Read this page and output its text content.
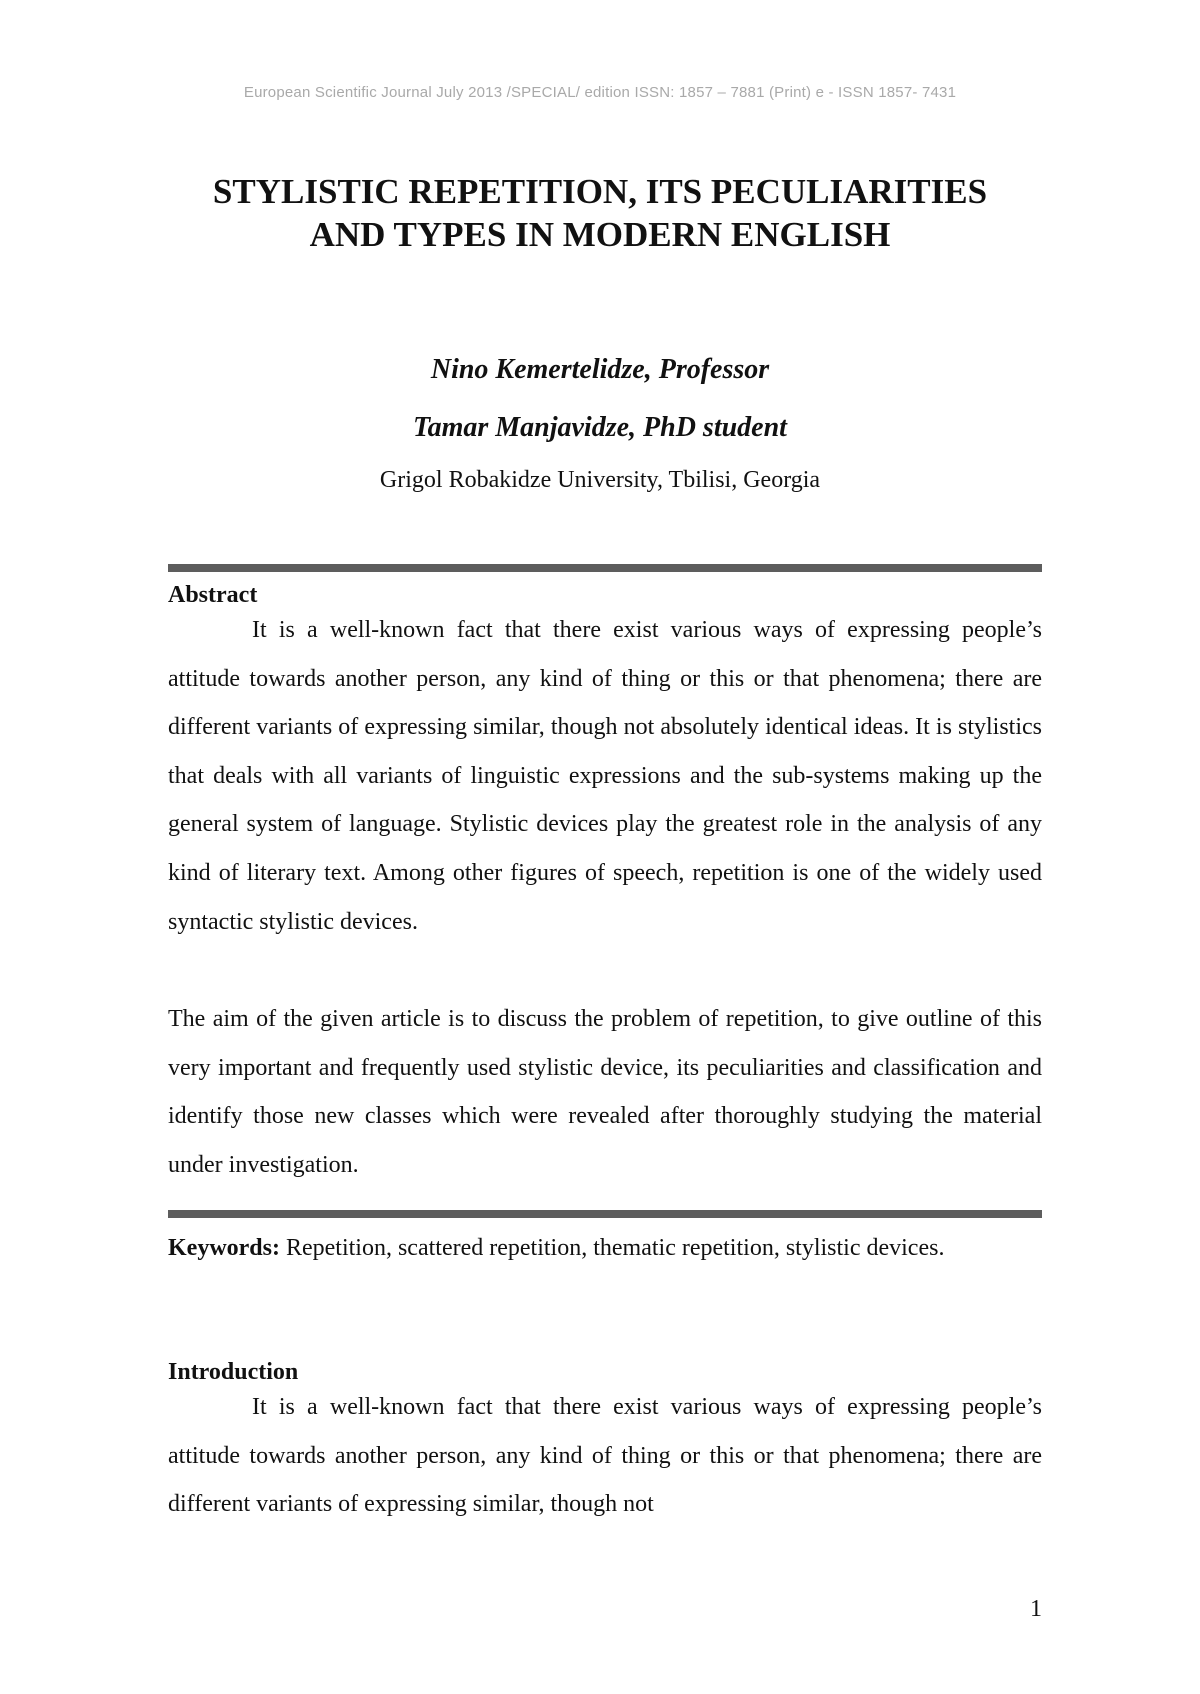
European Scientific Journal July 2013 /SPECIAL/ edition ISSN: 1857 – 7881 (Print) e - ISSN 1857- 7431
STYLISTIC REPETITION, ITS PECULIARITIES
AND TYPES IN MODERN ENGLISH

Nino Kemertelidze, Professor

Tamar Manjavidze, PhD student

Grigol Robakidze University, Tbilisi, Georgia

Abstract

It is a well-known fact that there exist various ways of expressing people’s attitude towards another person, any kind of thing or this or that phenomena; there are different variants of expressing similar, though not absolutely identical ideas. It is stylistics that deals with all variants of linguistic expressions and the sub-systems making up the general system of language. Stylistic devices play the greatest role in the analysis of any kind of literary text. Among other figures of speech, repetition is one of the widely used syntactic stylistic devices.

The aim of the given article is to discuss the problem of repetition, to give outline of this very important and frequently used stylistic device, its peculiarities and classification and identify those new classes which were revealed after thoroughly studying the material under investigation.

Keywords: Repetition, scattered repetition, thematic repetition, stylistic devices.

Introduction

It is a well-known fact that there exist various ways of expressing people’s attitude towards another person, any kind of thing or this or that phenomena; there are different variants of expressing similar, though not

1
